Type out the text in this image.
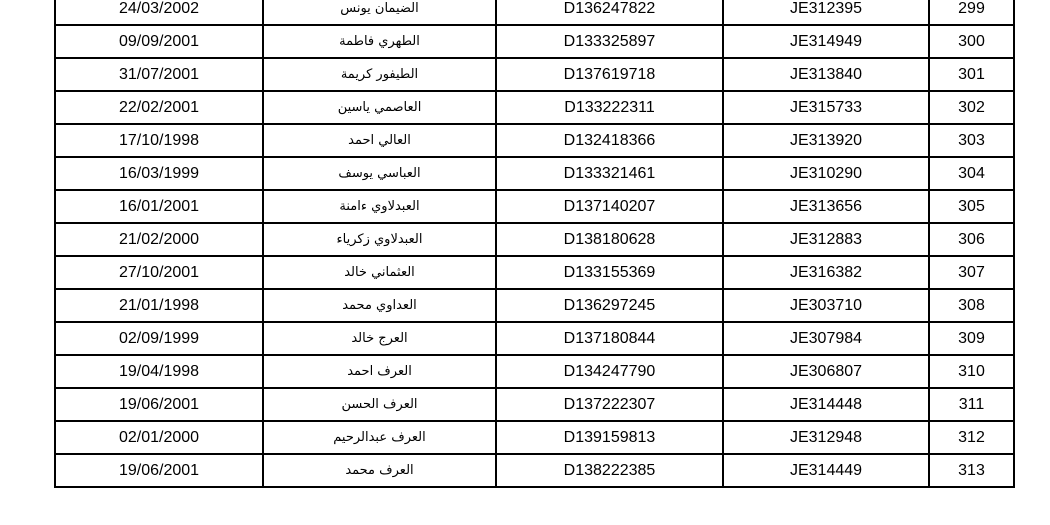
24/03/2002	الضيمان يونس	D136247822	JE312395	299
09/09/2001	الطهري فاطمة	D133325897	JE314949	300
31/07/2001	الطيفور كريمة	D137619718	JE313840	301
22/02/2001	العاصمي ياسين	D133222311	JE315733	302
17/10/1998	العالي احمد	D132418366	JE313920	303
16/03/1999	العباسي يوسف	D133321461	JE310290	304
16/01/2001	العبدلاوي ءامنة	D137140207	JE313656	305
21/02/2000	العبدلاوي زكرياء	D138180628	JE312883	306
27/10/2001	العثماني خالد	D133155369	JE316382	307
21/01/1998	العداوي محمد	D136297245	JE303710	308
02/09/1999	العرج خالد	D137180844	JE307984	309
19/04/1998	العرف احمد	D134247790	JE306807	310
19/06/2001	العرف الحسن	D137222307	JE314448	311
02/01/2000	العرف عبدالرحيم	D139159813	JE312948	312
19/06/2001	العرف محمد	D138222385	JE314449	313
